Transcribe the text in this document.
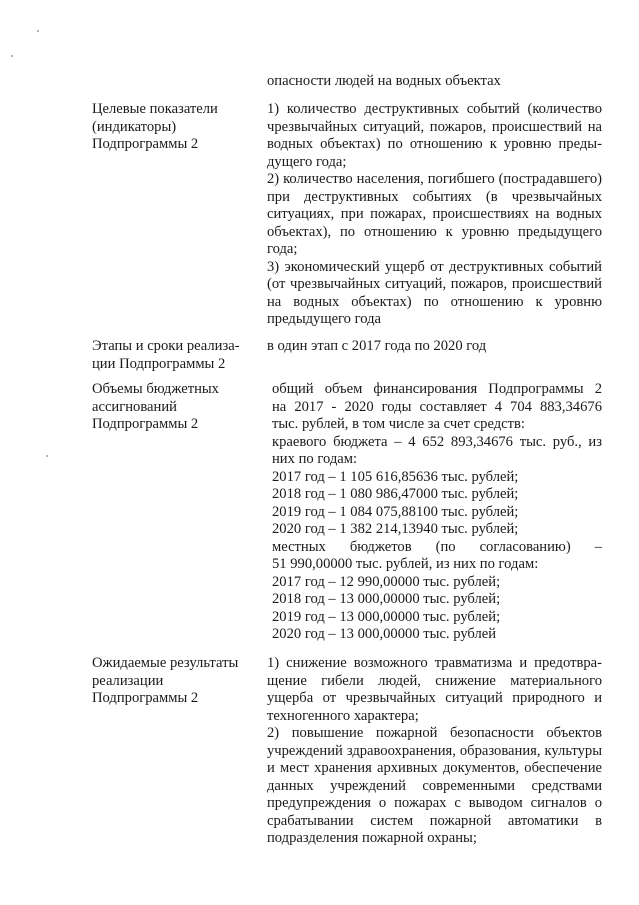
опасности людей на водных объектах
Целевые показатели
(индикаторы)
Подпрограммы 2

1) количество деструктивных событий (количество чрезвычайных ситуаций, пожаров, происшествий на водных объектах) по отношению к уровню предыдущего года;

2) количество населения, погибшего (пострадавшего) при деструктивных событиях (в чрезвычайных ситуациях, при пожарах, происшествиях на водных объектах), по отношению к уровню предыдущего года;

3) экономический ущерб от деструктивных событий (от чрезвычайных ситуаций, пожаров, происшествий на водных объектах) по отношению к уровню предыдущего года

Этапы и сроки реализа-
ции Подпрограммы 2

в один этап с 2017 года по 2020 год

Объемы бюджетных
ассигнований
Подпрограммы 2
общий объем финансирования Подпрограммы 2
на 2017 - 2020 годы составляет 4 704 883,34676
тыс. рублей, в том числе за счет средств:
краевого бюджета – 4 652 893,34676 тыс. руб., из
них по годам:
2017 год – 1 105 616,85636 тыс. рублей;
2018 год – 1 080 986,47000 тыс. рублей;
2019 год – 1 084 075,88100 тыс. рублей;
2020 год – 1 382 214,13940 тыс. рублей;
местных бюджетов (по согласованию) –
51 990,00000 тыс. рублей, из них по годам:
2017 год – 12 990,00000 тыс. рублей;
2018 год – 13 000,00000 тыс. рублей;
2019 год – 13 000,00000 тыс. рублей;
2020 год – 13 000,00000 тыс. рублей
Ожидаемые результаты
реализации
Подпрограммы 2

1) снижение возможного травматизма и предотвращение гибели людей, снижение материального ущерба от чрезвычайных ситуаций природного и техногенного характера;

2) повышение пожарной безопасности объектов учреждений здравоохранения, образования, культуры и мест хранения архивных документов, обеспечение данных учреждений современными средствами предупреждения о пожарах с выводом сигналов о срабатывании систем пожарной автоматики в подразделения пожарной охраны;
